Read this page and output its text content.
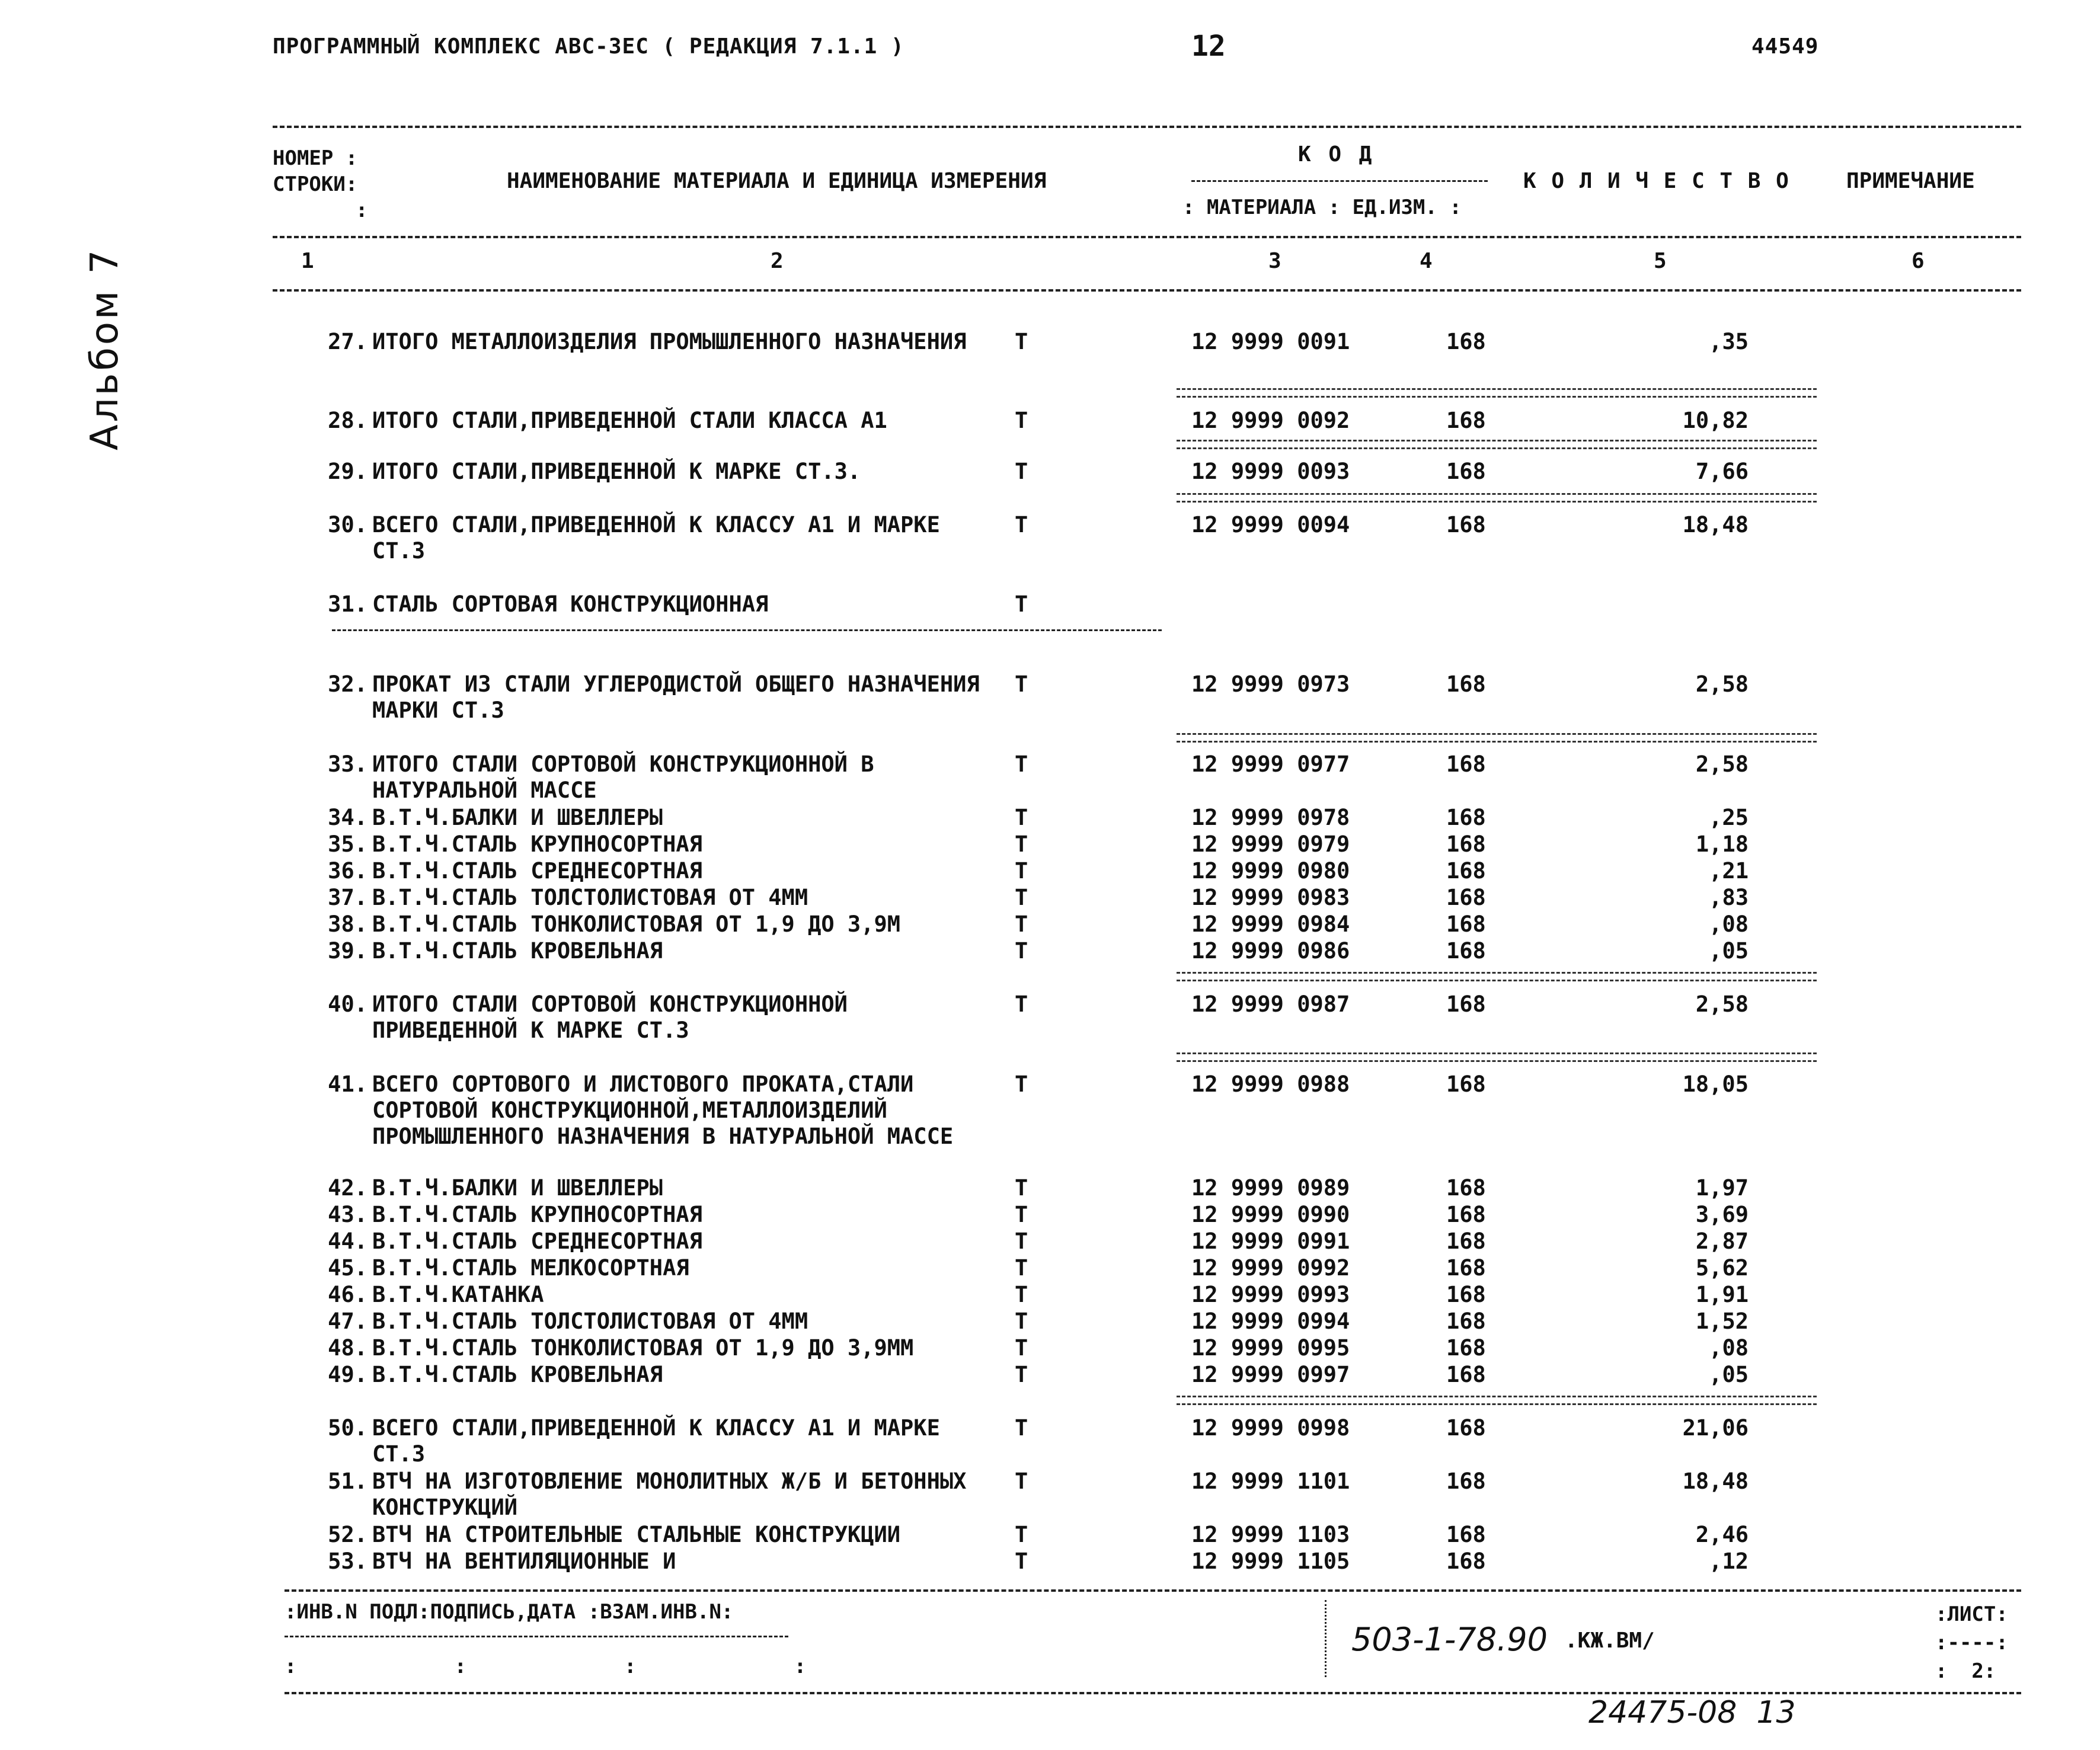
ПРОГРАММНЫЙ КОМПЛЕКС АВС-3ЕС ( РЕДАКЦИЯ 7.1.1 )	12	44549
Альбом 7
НОМЕР :
СТРОКИ:
:
НАИМЕНОВАНИЕ МАТЕРИАЛА И ЕДИНИЦА ИЗМЕРЕНИЯ
К О Д
: МАТЕРИАЛА : ЕД.ИЗМ. :
К О Л И Ч Е С Т В О	ПРИМЕЧАНИЕ
1	2	3	4	5	6
27. ИТОГО МЕТАЛЛОИЗДЕЛИЯ ПРОМЫШЛЕННОГО НАЗНАЧЕНИЯ	Т	12 9999 0091	168	,35
28. ИТОГО СТАЛИ,ПРИВЕДЕННОЙ СТАЛИ КЛАССА А1	Т	12 9999 0092	168	10,82
29. ИТОГО СТАЛИ,ПРИВЕДЕННОЙ К МАРКЕ СТ.3.	Т	12 9999 0093	168	7,66
30. ВСЕГО СТАЛИ,ПРИВЕДЕННОЙ К КЛАССУ А1 И МАРКЕ СТ.3
Т	12 9999 0094	168	18,48
31. СТАЛЬ СОРТОВАЯ КОНСТРУКЦИОННАЯ	Т
32. ПРОКАТ ИЗ СТАЛИ УГЛЕРОДИСТОЙ ОБЩЕГО НАЗНАЧЕНИЯ МАРКИ СТ.3
Т	12 9999 0973	168	2,58
33. ИТОГО СТАЛИ СОРТОВОЙ КОНСТРУКЦИОННОЙ В НАТУРАЛЬНОЙ МАССЕ
Т	12 9999 0977	168	2,58
34. В.Т.Ч.БАЛКИ И ШВЕЛЛЕРЫ	Т	12 9999 0978	168	,25
35. В.Т.Ч.СТАЛЬ КРУПНОСОРТНАЯ	Т	12 9999 0979	168	1,18
36. В.Т.Ч.СТАЛЬ СРЕДНЕСОРТНАЯ	Т	12 9999 0980	168	,21
37. В.Т.Ч.СТАЛЬ ТОЛСТОЛИСТОВАЯ ОТ 4ММ	Т	12 9999 0983	168	,83
38. В.Т.Ч.СТАЛЬ ТОНКОЛИСТОВАЯ ОТ 1,9 ДО 3,9М	Т	12 9999 0984	168	,08
39. В.Т.Ч.СТАЛЬ КРОВЕЛЬНАЯ	Т	12 9999 0986	168	,05
40. ИТОГО СТАЛИ СОРТОВОЙ КОНСТРУКЦИОННОЙ ПРИВЕДЕННОЙ К МАРКЕ СТ.3
Т	12 9999 0987	168	2,58
41. ВСЕГО СОРТОВОГО И ЛИСТОВОГО ПРОКАТА,СТАЛИ СОРТОВОЙ КОНСТРУКЦИОННОЙ,МЕТАЛЛОИЗДЕЛИЙ ПРОМЫШЛЕННОГО НАЗНАЧЕНИЯ В НАТУРАЛЬНОЙ МАССЕ
Т	12 9999 0988	168	18,05
42. В.Т.Ч.БАЛКИ И ШВЕЛЛЕРЫ	Т	12 9999 0989	168	1,97
43. В.Т.Ч.СТАЛЬ КРУПНОСОРТНАЯ	Т	12 9999 0990	168	3,69
44. В.Т.Ч.СТАЛЬ СРЕДНЕСОРТНАЯ	Т	12 9999 0991	168	2,87
45. В.Т.Ч.СТАЛЬ МЕЛКОСОРТНАЯ	Т	12 9999 0992	168	5,62
46. В.Т.Ч.КАТАНКА	Т	12 9999 0993	168	1,91
47. В.Т.Ч.СТАЛЬ ТОЛСТОЛИСТОВАЯ ОТ 4ММ	Т	12 9999 0994	168	1,52
48. В.Т.Ч.СТАЛЬ ТОНКОЛИСТОВАЯ ОТ 1,9 ДО 3,9ММ	Т	12 9999 0995	168	,08
49. В.Т.Ч.СТАЛЬ КРОВЕЛЬНАЯ	Т	12 9999 0997	168	,05
50. ВСЕГО СТАЛИ,ПРИВЕДЕННОЙ К КЛАССУ А1 И МАРКЕ СТ.3
Т	12 9999 0998	168	21,06
51. ВТЧ НА ИЗГОТОВЛЕНИЕ МОНОЛИТНЫХ Ж/Б И БЕТОННЫХ КОНСТРУКЦИЙ
Т	12 9999 1101	168	18,48
52. ВТЧ НА СТРОИТЕЛЬНЫЕ СТАЛЬНЫЕ КОНСТРУКЦИИ	Т	12 9999 1103	168	2,46
53. ВТЧ НА ВЕНТИЛЯЦИОННЫЕ И	Т	12 9999 1105	168	,12
:ИНВ.N ПОДЛ:ПОДПИСЬ,ДАТА :ВЗАМ.ИНВ.N:
:             :             :             :
503-1-78.90 .КЖ.ВМ/
:ЛИСТ:
:----:
:  2:
24475-08  13
